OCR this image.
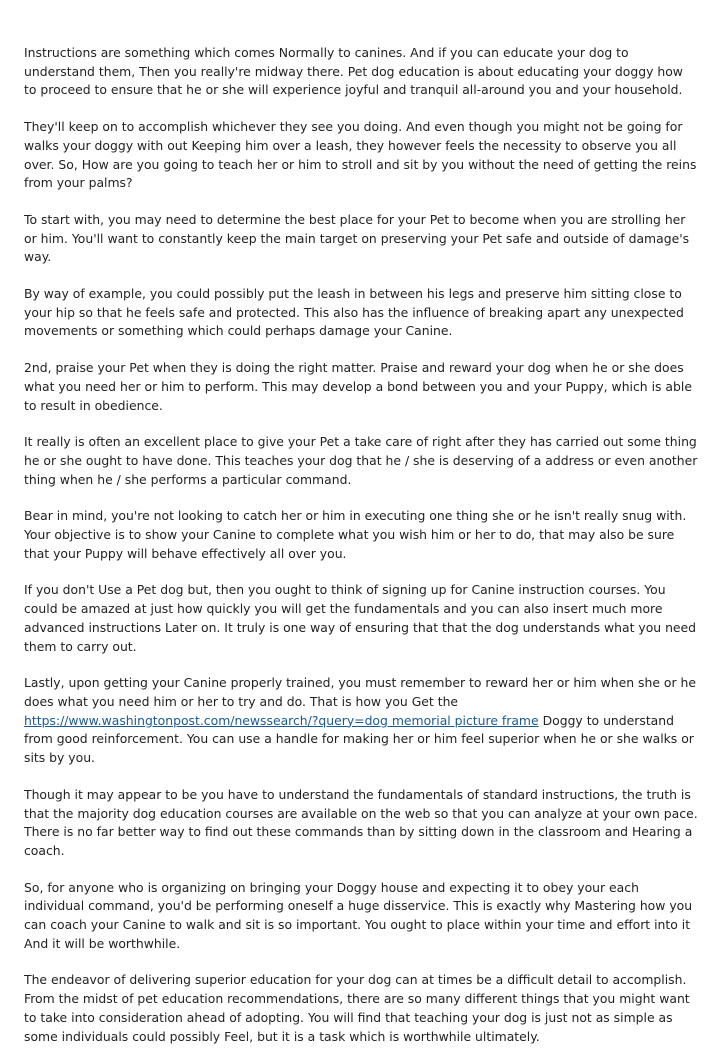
Instructions are something which comes Normally to canines. And if you can educate your dog to understand them, Then you really're midway there. Pet dog education is about educating your doggy how to proceed to ensure that he or she will experience joyful and tranquil all-around you and your household.

They'll keep on to accomplish whichever they see you doing. And even though you might not be going for walks your doggy with out Keeping him over a leash, they however feels the necessity to observe you all over. So, How are you going to teach her or him to stroll and sit by you without the need of getting the reins from your palms?

To start with, you may need to determine the best place for your Pet to become when you are strolling her or him. You'll want to constantly keep the main target on preserving your Pet safe and outside of damage's way.

By way of example, you could possibly put the leash in between his legs and preserve him sitting close to your hip so that he feels safe and protected. This also has the influence of breaking apart any unexpected movements or something which could perhaps damage your Canine.

2nd, praise your Pet when they is doing the right matter. Praise and reward your dog when he or she does what you need her or him to perform. This may develop a bond between you and your Puppy, which is able to result in obedience.

It really is often an excellent place to give your Pet a take care of right after they has carried out some thing he or she ought to have done. This teaches your dog that he / she is deserving of a address or even another thing when he / she performs a particular command.

Bear in mind, you're not looking to catch her or him in executing one thing she or he isn't really snug with. Your objective is to show your Canine to complete what you wish him or her to do, that may also be sure that your Puppy will behave effectively all over you.

If you don't Use a Pet dog but, then you ought to think of signing up for Canine instruction courses. You could be amazed at just how quickly you will get the fundamentals and you can also insert much more advanced instructions Later on. It truly is one way of ensuring that that the dog understands what you need them to carry out.

Lastly, upon getting your Canine properly trained, you must remember to reward her or him when she or he does what you need him or her to try and do. That is how you Get the https://www.washingtonpost.com/newssearch/?query=dog memorial picture frame Doggy to understand from good reinforcement. You can use a handle for making her or him feel superior when he or she walks or sits by you.

Though it may appear to be you have to understand the fundamentals of standard instructions, the truth is that the majority dog education courses are available on the web so that you can analyze at your own pace. There is no far better way to find out these commands than by sitting down in the classroom and Hearing a coach.

So, for anyone who is organizing on bringing your Doggy house and expecting it to obey your each individual command, you'd be performing oneself a huge disservice. This is exactly why Mastering how you can coach your Canine to walk and sit is so important. You ought to place within your time and effort into it And it will be worthwhile.

The endeavor of delivering superior education for your dog can at times be a difficult detail to accomplish. From the midst of pet education recommendations, there are so many different things that you might want to take into consideration ahead of adopting. You will find that teaching your dog is just not as simple as some individuals could possibly Feel, but it is a task which is worthwhile ultimately.
